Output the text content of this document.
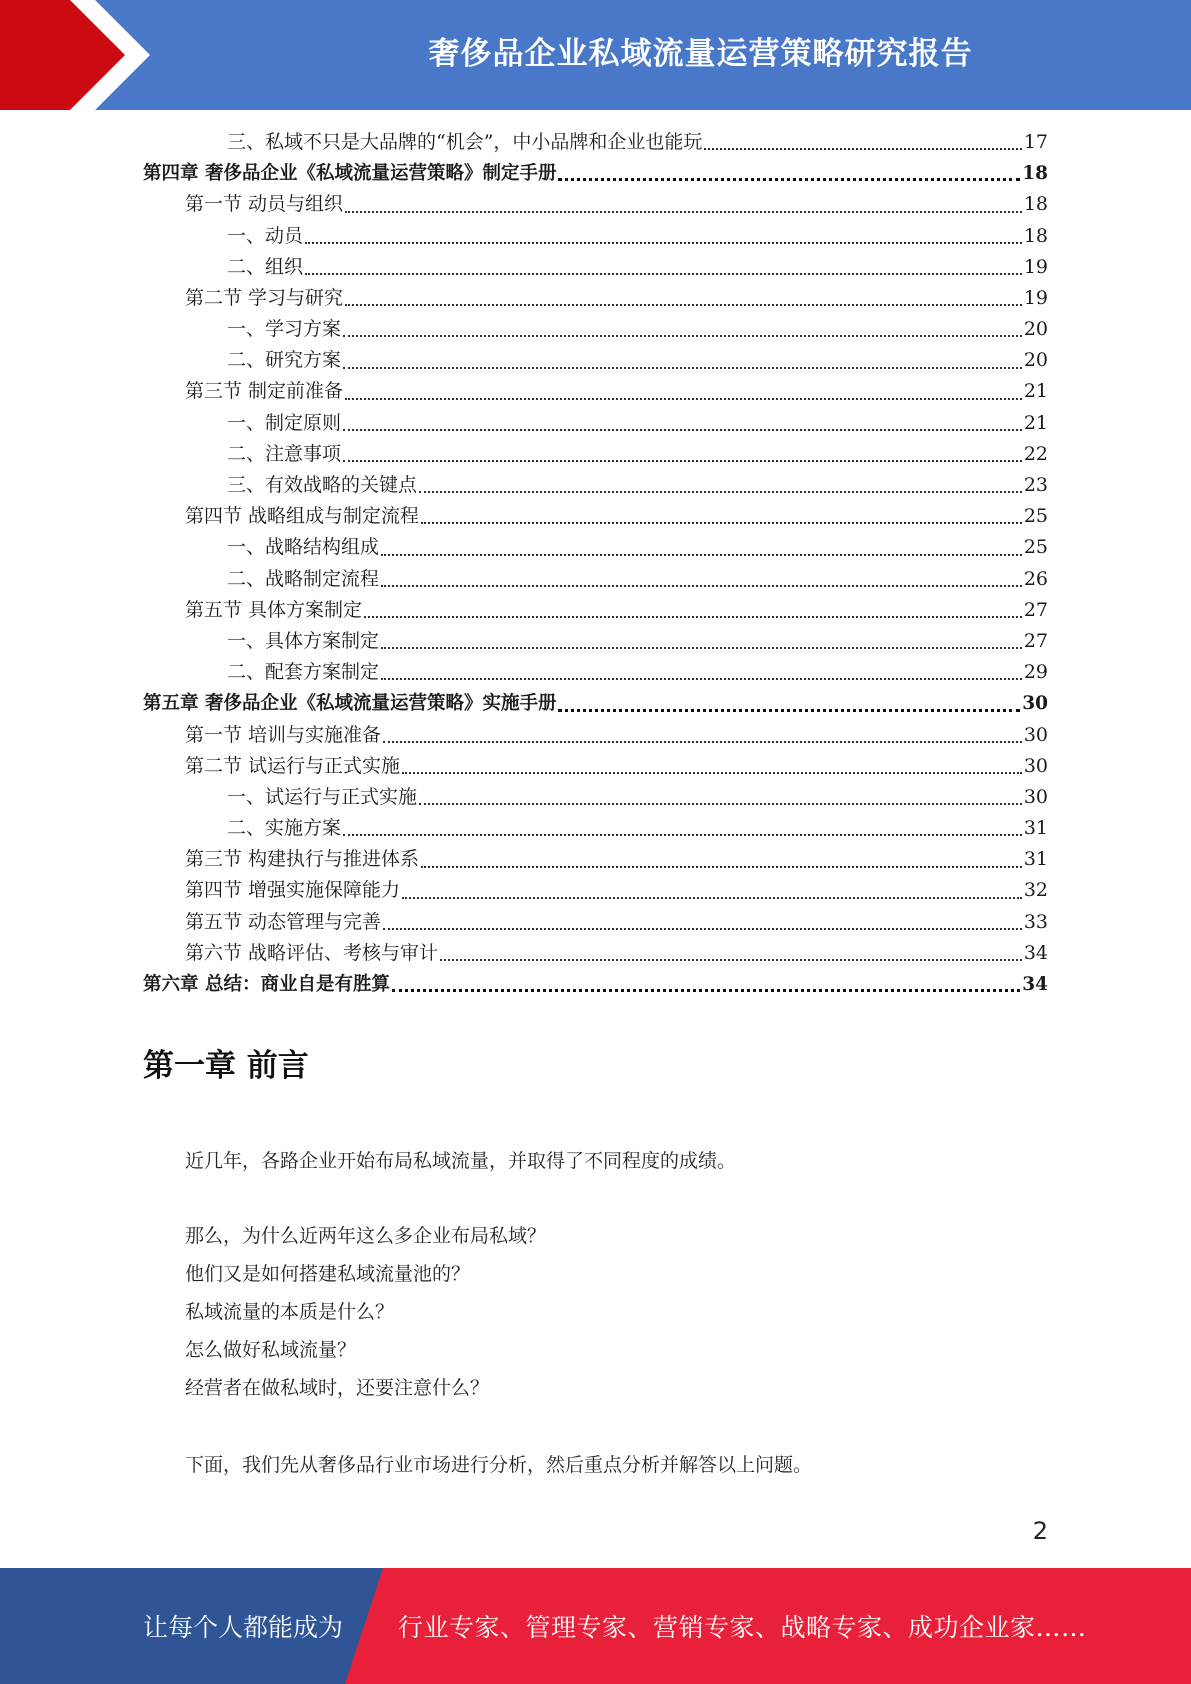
奢侈品企业私域流量运营策略研究报告
三、私域不只是大品牌的“机会”，中小品牌和企业也能玩	17
第四章 奢侈品企业《私域流量运营策略》制定手册	18
第一节 动员与组织	18
一、动员	18
二、组织	19
第二节 学习与研究	19
一、学习方案	20
二、研究方案	20
第三节 制定前准备	21
一、制定原则	21
二、注意事项	22
三、有效战略的关键点	23
第四节 战略组成与制定流程	25
一、战略结构组成	25
二、战略制定流程	26
第五节 具体方案制定	27
一、具体方案制定	27
二、配套方案制定	29
第五章 奢侈品企业《私域流量运营策略》实施手册	30
第一节 培训与实施准备	30
第二节 试运行与正式实施	30
一、试运行与正式实施	30
二、实施方案	31
第三节 构建执行与推进体系	31
第四节 增强实施保障能力	32
第五节 动态管理与完善	33
第六节 战略评估、考核与审计	34
第六章 总结：商业自是有胜算	34
第一章 前言
近几年，各路企业开始布局私域流量，并取得了不同程度的成绩。
那么，为什么近两年这么多企业布局私域？
他们又是如何搭建私域流量池的？
私域流量的本质是什么？
怎么做好私域流量？
经营者在做私域时，还要注意什么？
下面，我们先从奢侈品行业市场进行分析，然后重点分析并解答以上问题。
2
让每个人都能成为 行业专家、管理专家、营销专家、战略专家、成功企业家……
